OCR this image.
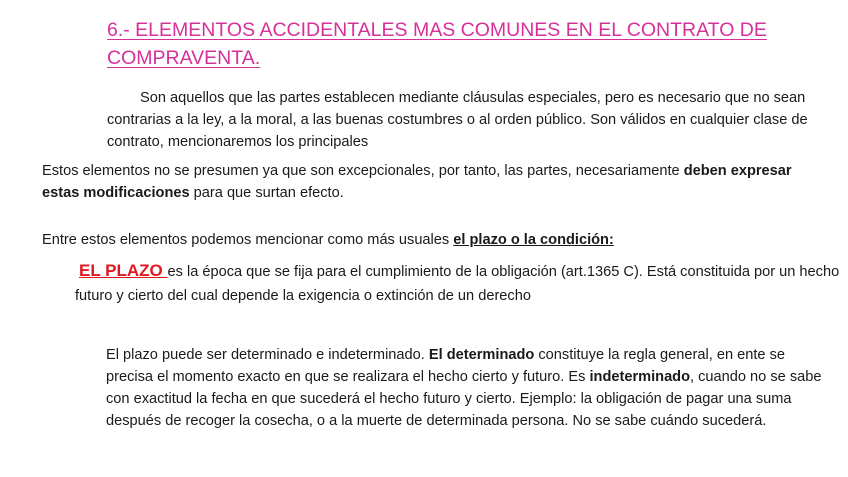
6.- ELEMENTOS ACCIDENTALES MAS COMUNES EN EL CONTRATO DE COMPRAVENTA.
Son aquellos que las partes establecen mediante cláusulas especiales, pero es necesario que no sean contrarias a la ley, a la moral, a las buenas costumbres o al orden público. Son válidos en cualquier clase de contrato, mencionaremos los principales
Estos elementos no se presumen ya que son excepcionales, por tanto, las partes, necesariamente deben expresar estas modificaciones para que surtan efecto.
Entre estos elementos podemos mencionar como más usuales el plazo o la condición:
EL PLAZO es la época que se fija para el cumplimiento de la obligación (art.1365 C). Está constituida por un hecho futuro y cierto del cual depende la exigencia o extinción de un derecho
El plazo puede ser determinado e indeterminado. El determinado constituye la regla general, en ente se precisa el momento exacto en que se realizara el hecho cierto y futuro. Es indeterminado, cuando no se sabe con exactitud la fecha en que sucederá el hecho futuro y cierto. Ejemplo: la obligación de pagar una suma después de recoger la cosecha, o a la muerte de determinada persona. No se sabe cuándo sucederá.
